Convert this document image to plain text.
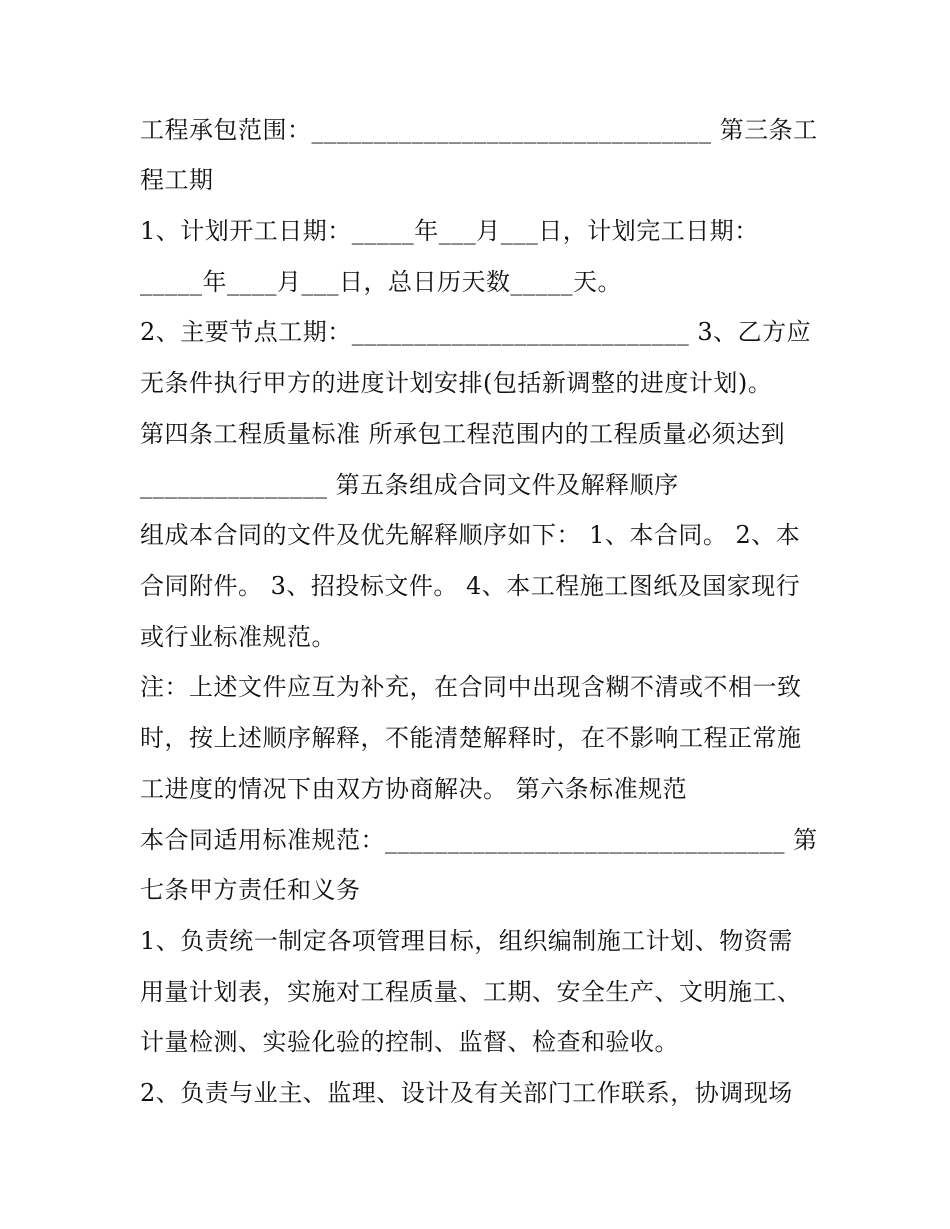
工程承包范围：________________________________ 第三条工
程工期
1、计划开工日期：_____年___月___日，计划完工日期：
_____年____月___日，总日历天数_____天。
2、主要节点工期：___________________________ 3、乙方应
无条件执行甲方的进度计划安排(包括新调整的进度计划)。
第四条工程质量标准 所承包工程范围内的工程质量必须达到
_______________ 第五条组成合同文件及解释顺序
组成本合同的文件及优先解释顺序如下： 1、本合同。 2、本
合同附件。 3、招投标文件。 4、本工程施工图纸及国家现行
或行业标准规范。
注：上述文件应互为补充，在合同中出现含糊不清或不相一致
时，按上述顺序解释，不能清楚解释时，在不影响工程正常施
工进度的情况下由双方协商解决。 第六条标准规范
本合同适用标准规范：________________________________ 第
七条甲方责任和义务
1、负责统一制定各项管理目标，组织编制施工计划、物资需
用量计划表，实施对工程质量、工期、安全生产、文明施工、
计量检测、实验化验的控制、监督、检查和验收。
2、负责与业主、监理、设计及有关部门工作联系，协调现场
